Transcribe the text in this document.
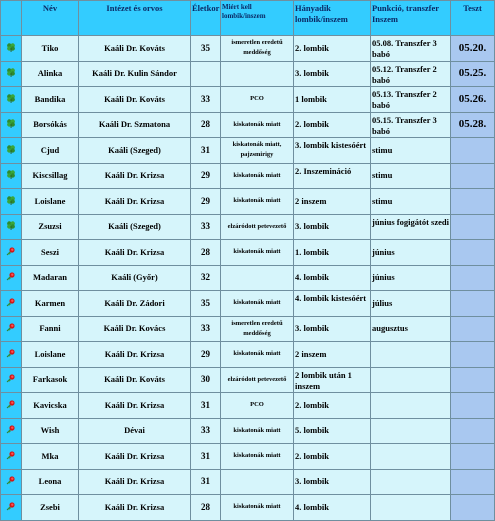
	Név	Intézet és orvos	Életkor	Miért kell lombik/inszem	Hányadik lombik/inszem	Punkció, transzfer Inszem	Teszt
	Tiko	Kaáli Dr. Kováts	35	ismeretlen eredetű meddőség	2. lombik	05.08. Transzfer 3 babó	05.20.
	Alinka	Kaáli Dr. Kulin Sándor			3. lombik	05.12. Transzfer 2 babó	05.25.
	Bandika	Kaáli Dr. Kováts	33	PCO	1 lombik	05.13. Transzfer 2 babó	05.26.
	Borsókás	Kaáli Dr. Szmatona	28	kiskatonák miatt	2. lombik	05.15. Transzfer 3 babó	05.28.
	Cjud	Kaáli (Szeged)	31	kiskatonák miatt, pajzsmirigy	3. lombik kistesóért	stimu	
	Kiscsillag	Kaáli Dr. Krizsa	29	kiskatonák miatt	2. Inszemináció	stimu	
	Loislane	Kaáli Dr. Krizsa	29	kiskatonák miatt	2 inszem	stimu	
	Zsuzsi	Kaáli (Szeged)	33	elzáródott petevezető	3. lombik	június fogigátót szedi	
	Seszi	Kaáli Dr. Krizsa	28	kiskatonák miatt	1. lombik	június	
	Madaran	Kaáli (Győr)	32		4. lombik	június	
	Karmen	Kaáli Dr. Zádori	35	kiskatonák miatt	4. lombik kistesóért	július	
	Fanni	Kaáli Dr. Kovács	33	ismeretlen eredetű meddőség	3. lombik	augusztus	
	Loislane	Kaáli Dr. Krizsa	29	kiskatonák miatt	2 inszem		
	Farkasok	Kaáli Dr. Kováts	30	elzáródott petevezető	2 lombik után 1 inszem		
	Kavicska	Kaáli Dr. Krizsa	31	PCO	2. lombik		
	Wish	Dévai	33	kiskatonák miatt	5. lombik		
	Mka	Kaáli Dr. Krizsa	31	kiskatonák miatt	2. lombik		
	Leona	Kaáli Dr. Krizsa	31		3. lombik		
	Zsebi	Kaáli Dr. Krizsa	28	kiskatonák miatt	4. lombik		
